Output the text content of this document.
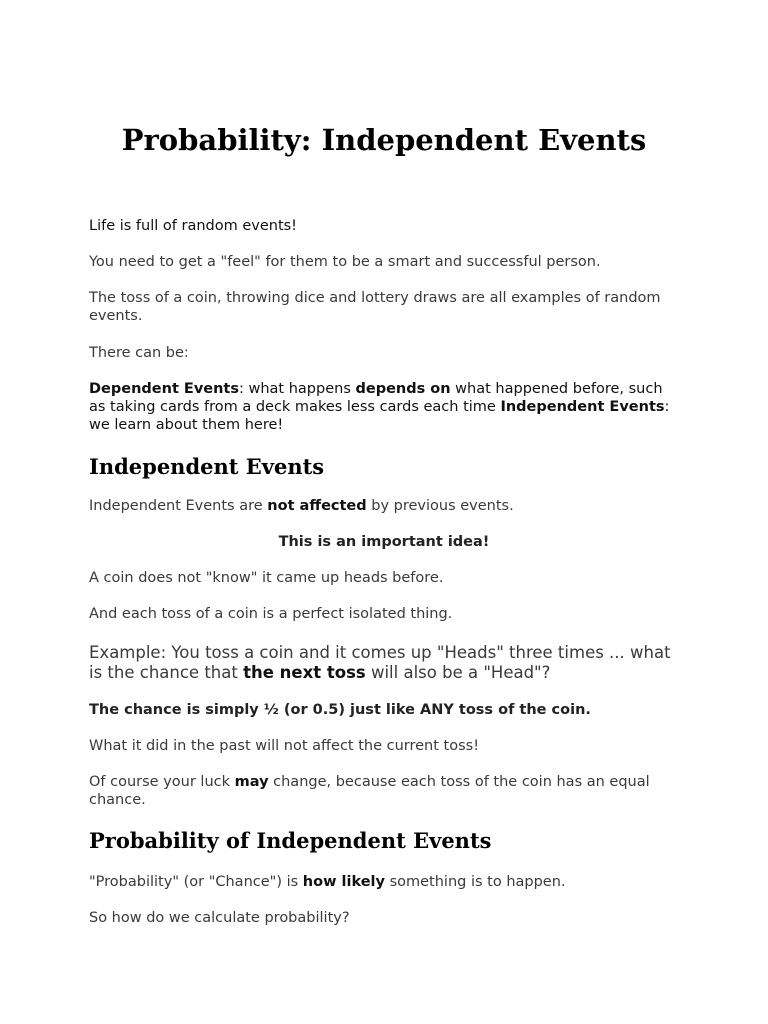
Probability: Independent Events

Life is full of random events!

You need to get a "feel" for them to be a smart and successful person.

The toss of a coin, throwing dice and lottery draws are all examples of random events.

There can be:

Dependent Events: what happens depends on what happened before, such as taking cards from a deck makes less cards each time Independent Events: we learn about them here!

Independent Events

Independent Events are not affected by previous events.

This is an important idea!

A coin does not "know" it came up heads before.

And each toss of a coin is a perfect isolated thing.

Example: You toss a coin and it comes up "Heads" three times ... what is the chance that the next toss will also be a "Head"?

The chance is simply ½ (or 0.5) just like ANY toss of the coin.

What it did in the past will not affect the current toss!

Of course your luck may change, because each toss of the coin has an equal chance.

Probability of Independent Events

"Probability" (or "Chance") is how likely something is to happen.

So how do we calculate probability?
